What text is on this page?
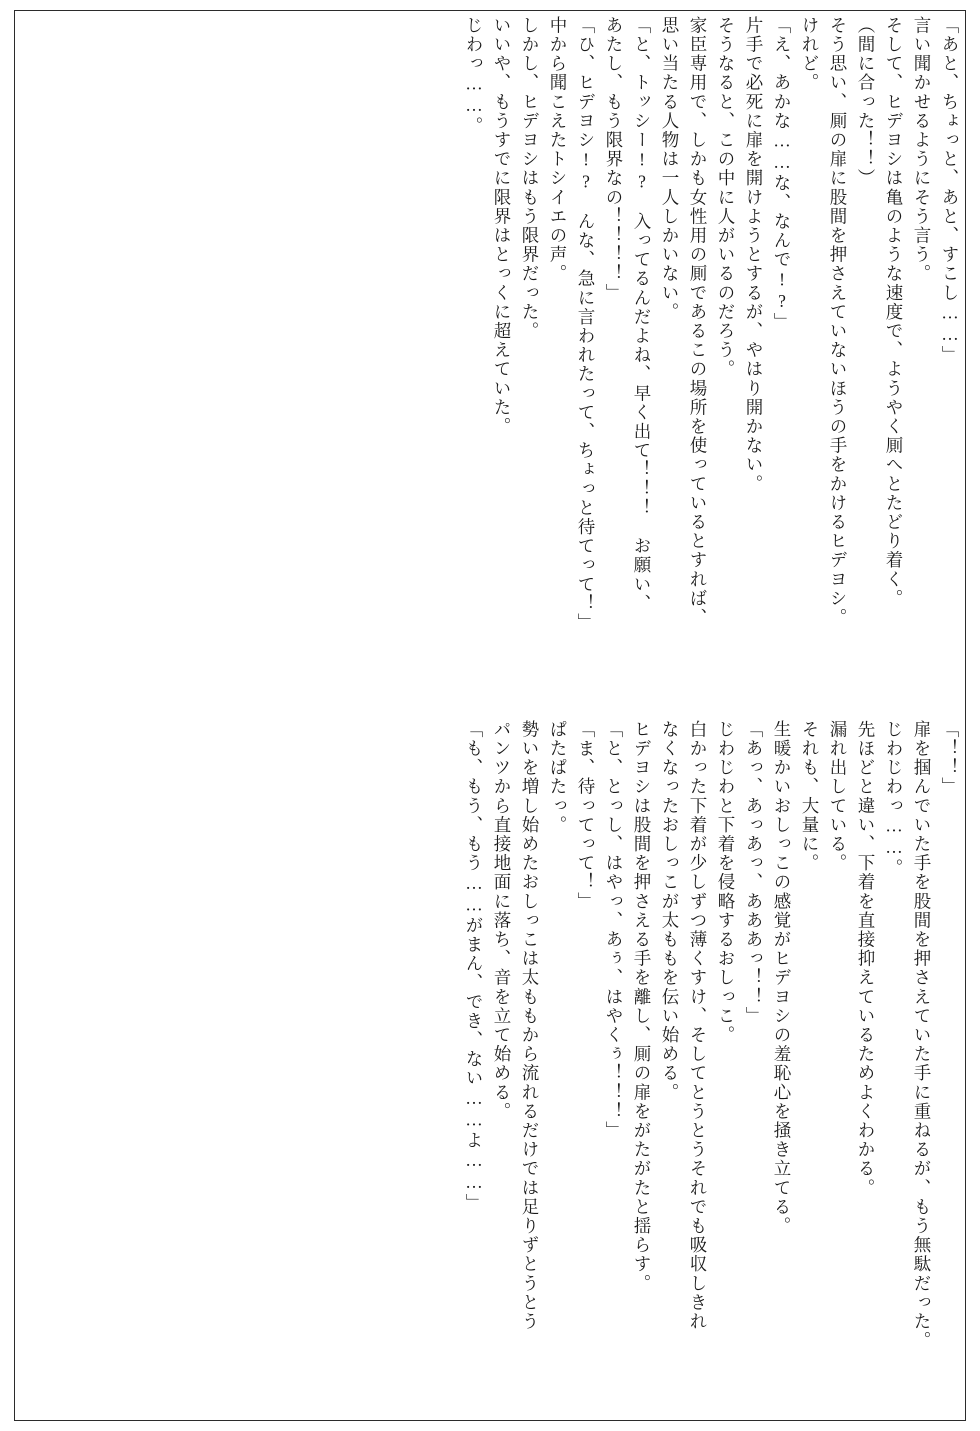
「あと、ちょっと、あと、すこし……」
言い聞かせるようにそう言う。
そして、ヒデヨシは亀のような速度で、ようやく厠へとたどり着く。
（間に合った！！）
そう思い、厠の扉に股間を押さえていないほうの手をかけるヒデヨシ。
けれど。
「え、あかな……な、なんで!?」
片手で必死に扉を開けようとするが、やはり開かない。
そうなると、この中に人がいるのだろう。
家臣専用で、しかも女性用の厠であるこの場所を使っているとすれば、
思い当たる人物は一人しかいない。
「と、トッシー!?　入ってるんだよね、早く出て！！！　お願い、
あたし、もう限界なの！！！！」
「ひ、ヒデヨシ!?　んな、急に言われたって、ちょっと待てって！」
中から聞こえたトシイエの声。
しかし、ヒデヨシはもう限界だった。
いいや、もうすでに限界はとっくに超えていた。
じわっ……。
「！！」
扉を掴んでいた手を股間を押さえていた手に重ねるが、もう無駄だった。
じわじわっ……。
先ほどと違い、下着を直接抑えているためよくわかる。
漏れ出している。
それも、大量に。
生暖かいおしっこの感覚がヒデヨシの羞恥心を掻き立てる。
「あっ、あっあっ、あああっ！！」
じわじわと下着を侵略するおしっこ。
白かった下着が少しずつ薄くすけ、そしてとうとうそれでも吸収しきれ
なくなったおしっこが太ももを伝い始める。
ヒデヨシは股間を押さえる手を離し、厠の扉をがたがたと揺らす。
「と、とっし、はやっ、あぅ、はやくぅ！！！」
「ま、待ってって！」
ぱたぱたっ。
勢いを増し始めたおしっこは太ももから流れるだけでは足りずとうとう
パンツから直接地面に落ち、音を立て始める。
「も、もう、もう……がまん、でき、ない……よ……」
